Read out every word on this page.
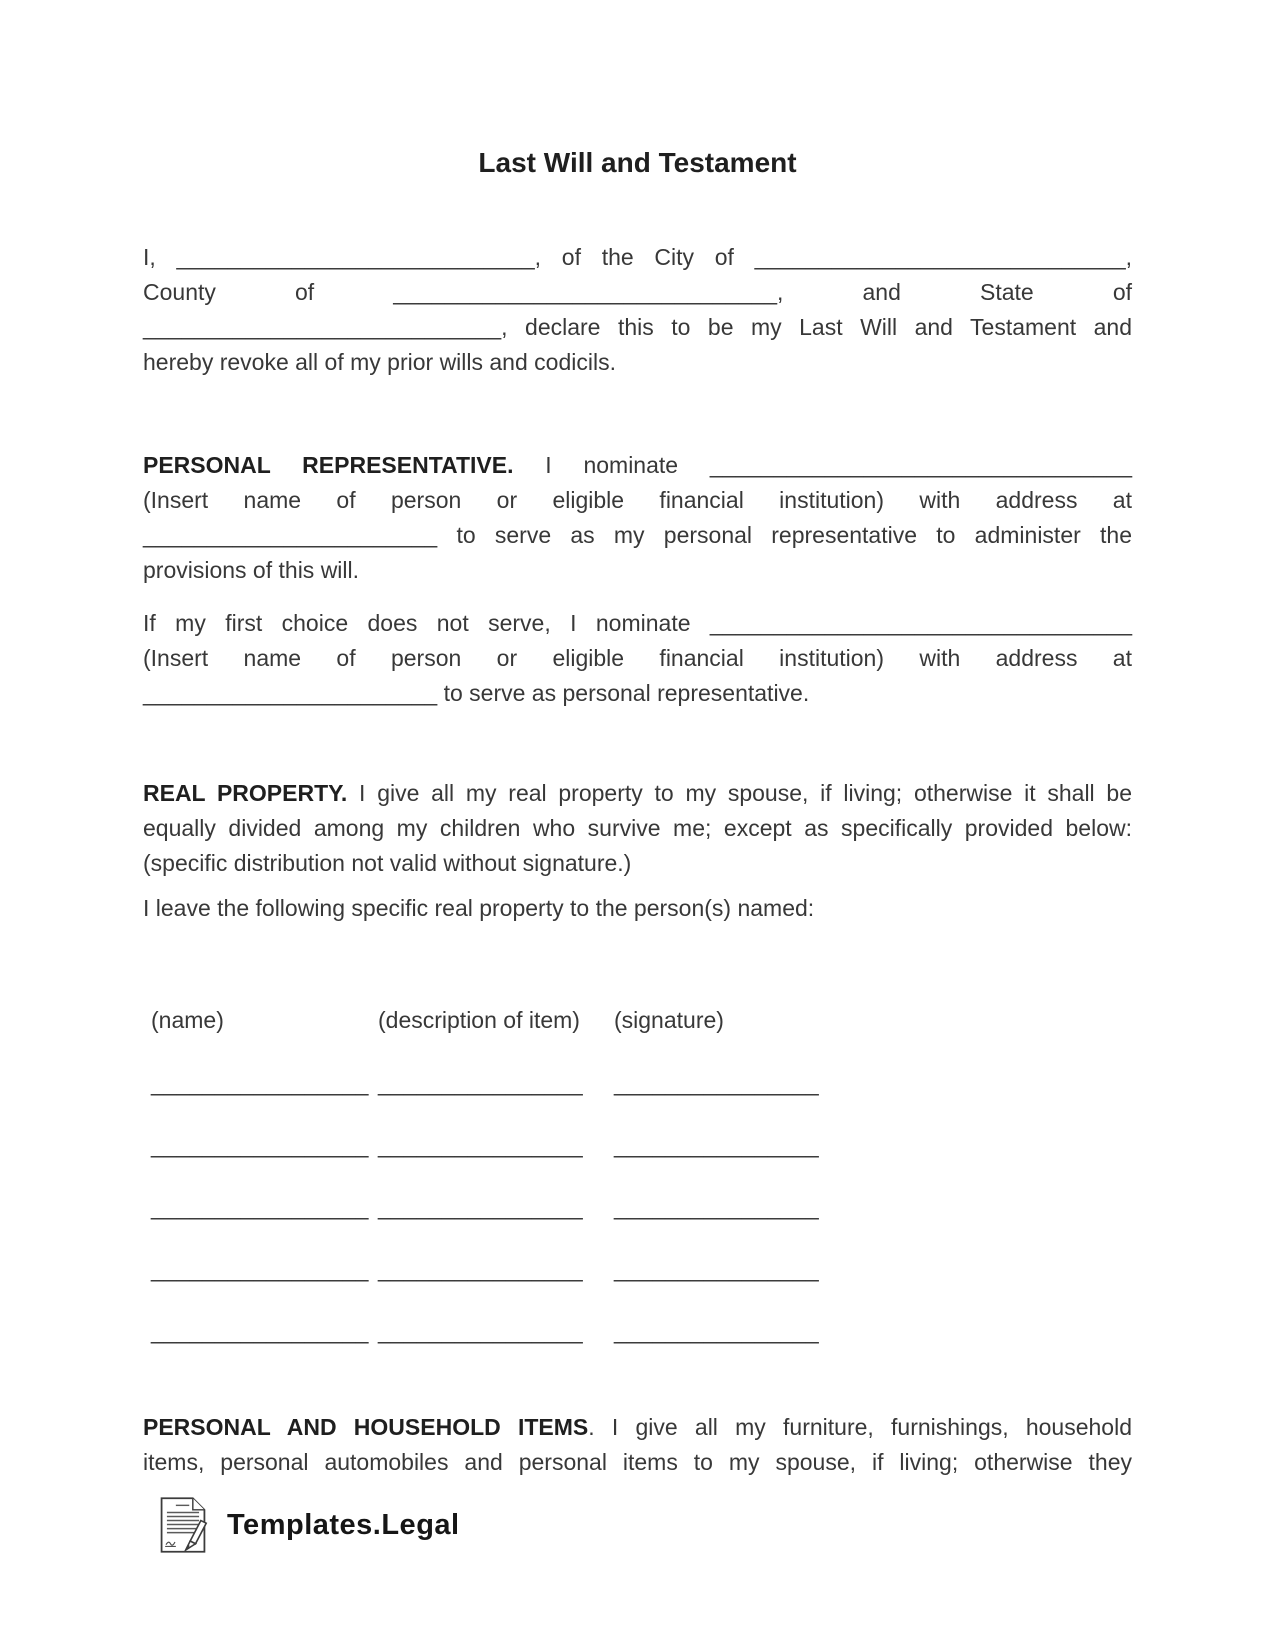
Last Will and Testament
I, ____________________________, of the City of _____________________________,
County of ______________________________, and State of
____________________________, declare this to be my Last Will and Testament and
hereby revoke all of my prior wills and codicils.
PERSONAL REPRESENTATIVE. I nominate _________________________________
(Insert name of person or eligible financial institution) with address at
_______________________ to serve as my personal representative to administer the
provisions of this will.
If my first choice does not serve, I nominate _________________________________
(Insert name of person or eligible financial institution) with address at
_______________________ to serve as personal representative.
REAL PROPERTY. I give all my real property to my spouse, if living; otherwise it shall be
equally divided among my children who survive me; except as specifically provided below:
(specific distribution not valid without signature.)
I leave the following specific real property to the person(s) named:
(name)	(description of item)	(signature)
_________________ ________________	________________
_________________ ________________	________________
_________________ ________________	________________
_________________ ________________	________________
_________________ ________________	________________
PERSONAL AND HOUSEHOLD ITEMS. I give all my furniture, furnishings, household
items, personal automobiles and personal items to my spouse, if living; otherwise they
Templates.Legal
